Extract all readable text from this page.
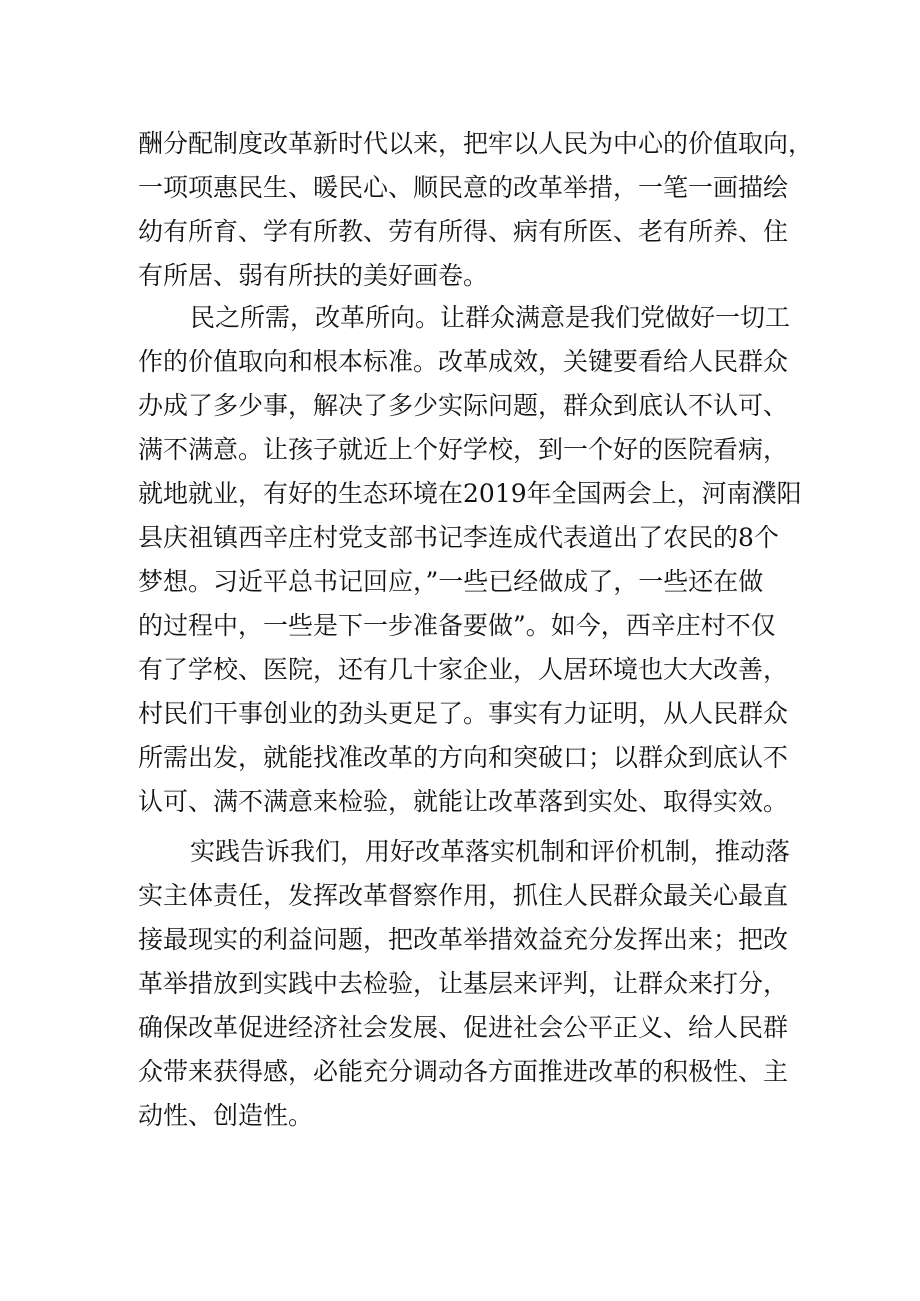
酬分配制度改革新时代以来，把牢以人民为中心的价值取向，
一项项惠民生、暖民心、顺民意的改革举措，一笔一画描绘
幼有所育、学有所教、劳有所得、病有所医、老有所养、住
有所居、弱有所扶的美好画卷。
民之所需，改革所向。让群众满意是我们党做好一切工
作的价值取向和根本标准。改革成效，关键要看给人民群众
办成了多少事，解决了多少实际问题，群众到底认不认可、
满不满意。让孩子就近上个好学校，到一个好的医院看病，
就地就业，有好的生态环境在2019年全国两会上，河南濮阳
县庆祖镇西辛庄村党支部书记李连成代表道出了农民的8个
梦想。习近平总书记回应，”一些已经做成了，一些还在做
的过程中，一些是下一步准备要做”。如今，西辛庄村不仅
有了学校、医院，还有几十家企业，人居环境也大大改善，
村民们干事创业的劲头更足了。事实有力证明，从人民群众
所需出发，就能找准改革的方向和突破口；以群众到底认不
认可、满不满意来检验，就能让改革落到实处、取得实效。
实践告诉我们，用好改革落实机制和评价机制，推动落
实主体责任，发挥改革督察作用，抓住人民群众最关心最直
接最现实的利益问题，把改革举措效益充分发挥出来；把改
革举措放到实践中去检验，让基层来评判，让群众来打分，
确保改革促进经济社会发展、促进社会公平正义、给人民群
众带来获得感，必能充分调动各方面推进改革的积极性、主
动性、创造性。
